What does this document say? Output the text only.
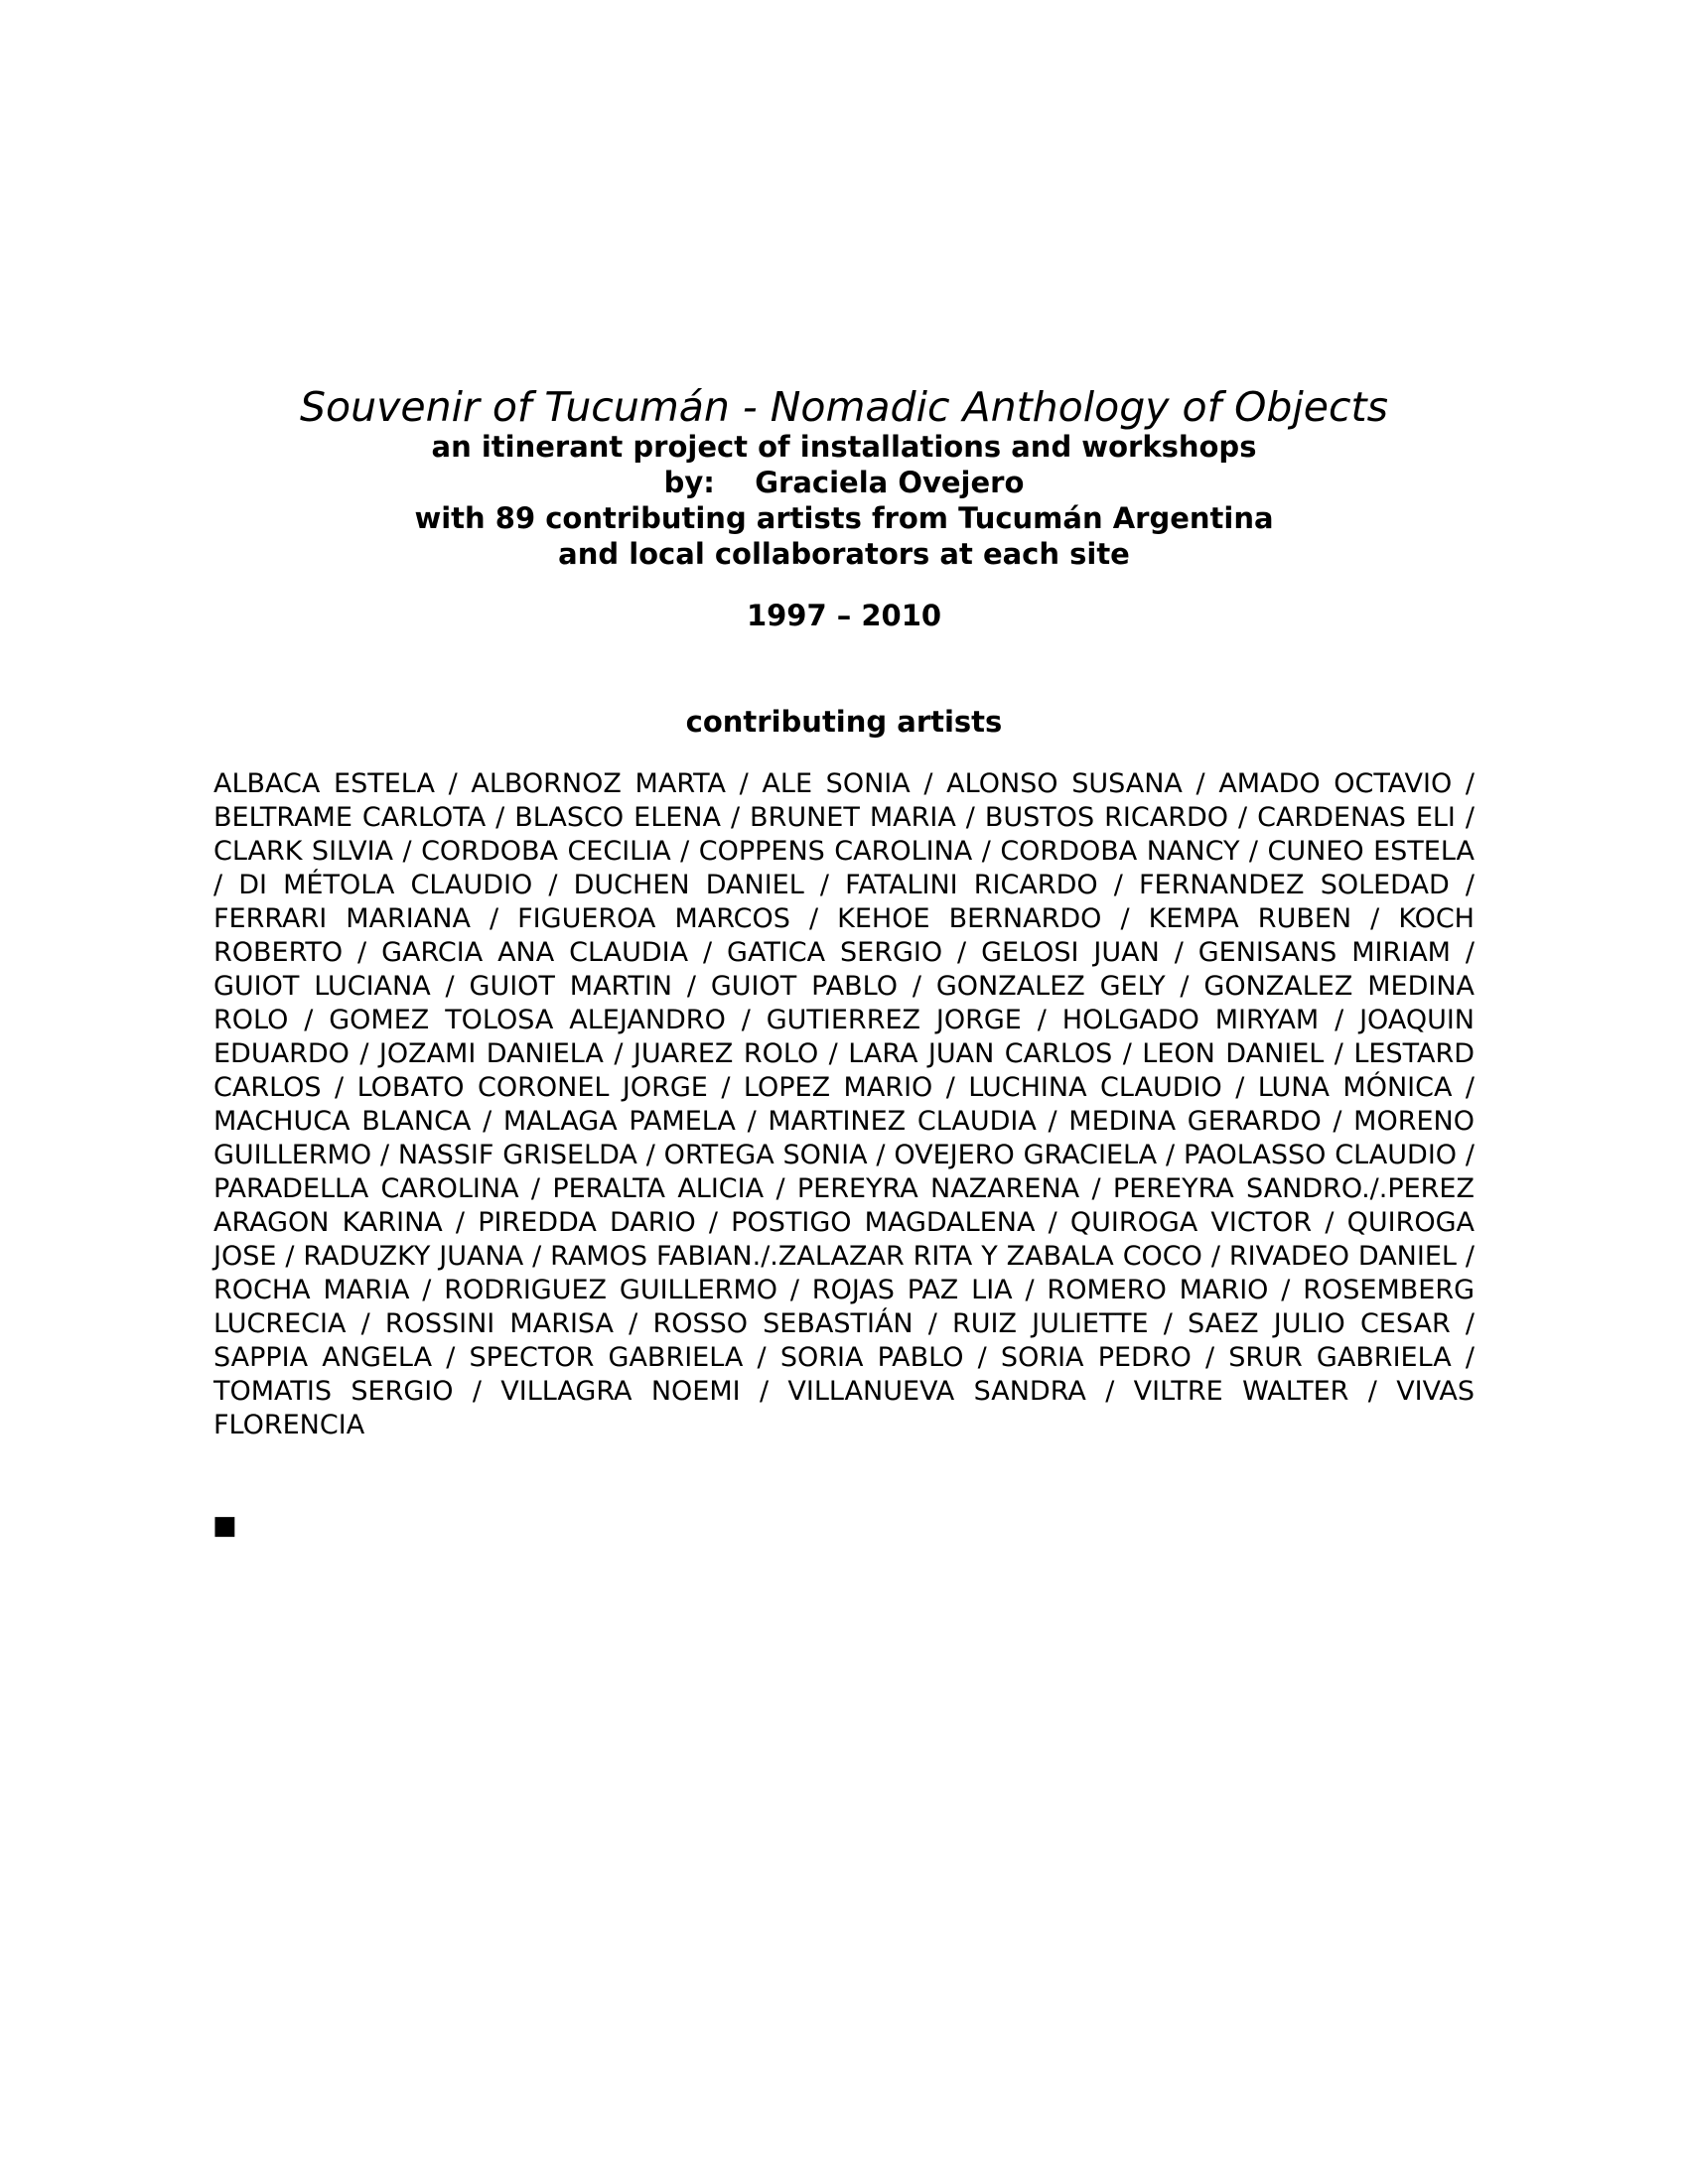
Souvenir of Tucumán - Nomadic Anthology of Objects
an itinerant project of installations and workshops
by:    Graciela Ovejero
with 89 contributing artists from Tucumán Argentina
and local collaborators at each site
1997 – 2010
contributing artists

ALBACA ESTELA / ALBORNOZ MARTA / ALE SONIA / ALONSO SUSANA / AMADO OCTAVIO / BELTRAME CARLOTA / BLASCO ELENA / BRUNET MARIA / BUSTOS RICARDO / CARDENAS ELI / CLARK SILVIA / CORDOBA CECILIA / COPPENS CAROLINA / CORDOBA NANCY / CUNEO ESTELA / DI MÉTOLA CLAUDIO / DUCHEN DANIEL / FATALINI RICARDO / FERNANDEZ SOLEDAD / FERRARI MARIANA / FIGUEROA MARCOS / KEHOE BERNARDO / KEMPA RUBEN / KOCH ROBERTO / GARCIA ANA CLAUDIA / GATICA SERGIO / GELOSI JUAN / GENISANS MIRIAM / GUIOT LUCIANA / GUIOT MARTIN / GUIOT PABLO / GONZALEZ GELY / GONZALEZ MEDINA ROLO / GOMEZ TOLOSA ALEJANDRO / GUTIERREZ JORGE / HOLGADO MIRYAM / JOAQUIN EDUARDO / JOZAMI DANIELA / JUAREZ ROLO / LARA JUAN CARLOS / LEON DANIEL / LESTARD CARLOS / LOBATO CORONEL JORGE / LOPEZ MARIO / LUCHINA CLAUDIO / LUNA MÓNICA / MACHUCA BLANCA / MALAGA PAMELA / MARTINEZ CLAUDIA / MEDINA GERARDO / MORENO GUILLERMO / NASSIF GRISELDA / ORTEGA SONIA / OVEJERO GRACIELA / PAOLASSO CLAUDIO / PARADELLA CAROLINA / PERALTA ALICIA / PEREYRA NAZARENA / PEREYRA SANDRO./.PEREZ ARAGON KARINA / PIREDDA DARIO / POSTIGO MAGDALENA / QUIROGA VICTOR / QUIROGA JOSE / RADUZKY JUANA / RAMOS FABIAN./.ZALAZAR RITA Y ZABALA COCO / RIVADEO DANIEL / ROCHA MARIA / RODRIGUEZ GUILLERMO / ROJAS PAZ LIA / ROMERO MARIO / ROSEMBERG LUCRECIA / ROSSINI MARISA / ROSSO SEBASTIÁN / RUIZ JULIETTE / SAEZ JULIO CESAR / SAPPIA ANGELA / SPECTOR GABRIELA / SORIA PABLO / SORIA PEDRO / SRUR GABRIELA / TOMATIS SERGIO / VILLAGRA NOEMI / VILLANUEVA SANDRA / VILTRE WALTER / VIVAS FLORENCIA

■
